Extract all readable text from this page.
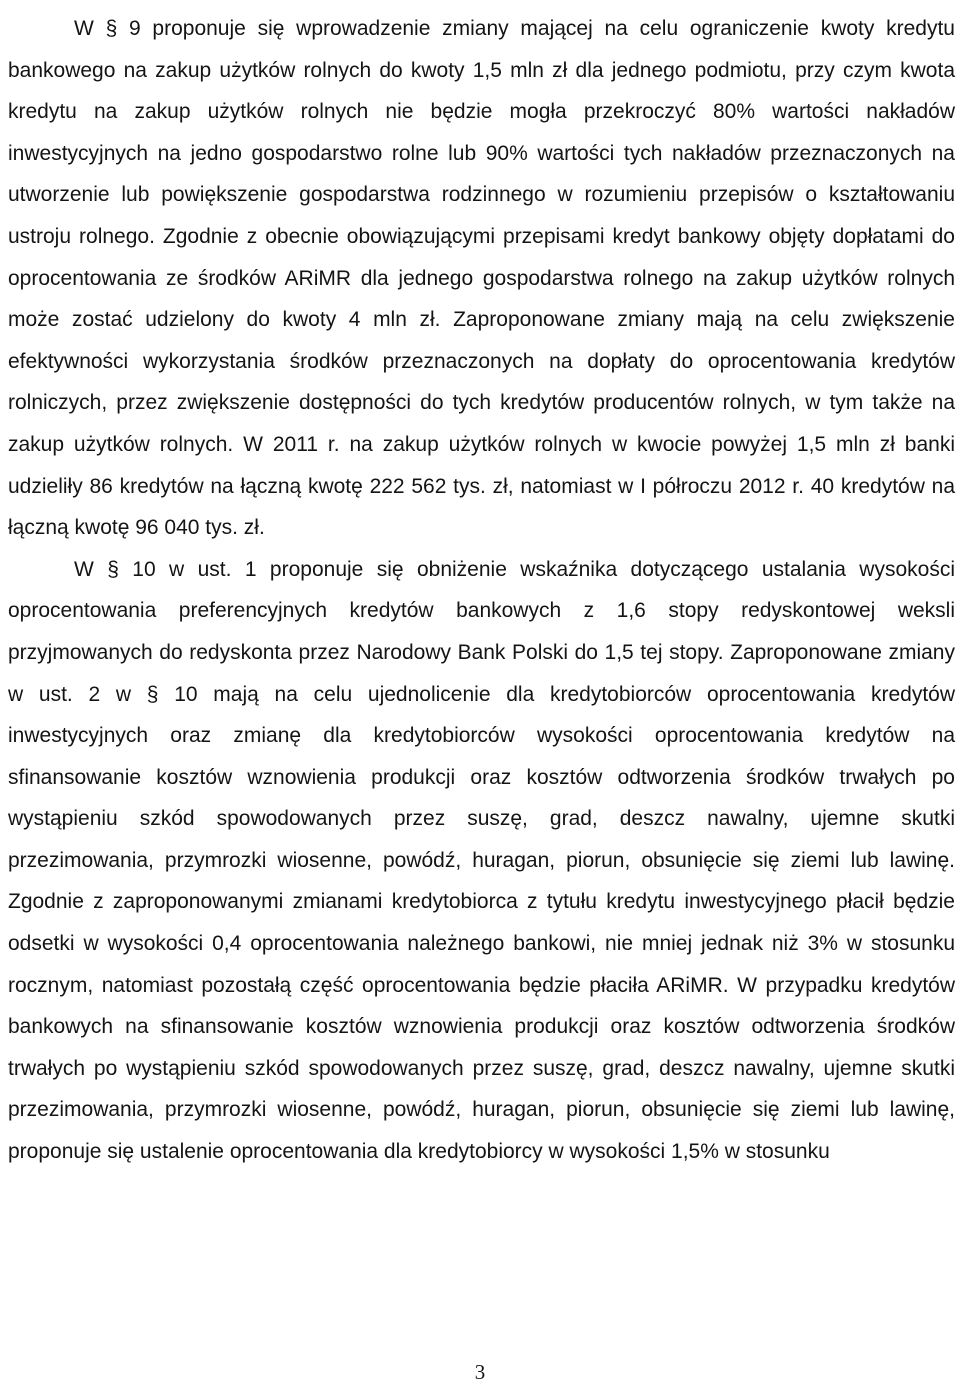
W § 9 proponuje się wprowadzenie zmiany mającej na celu ograniczenie kwoty kredytu bankowego na zakup użytków rolnych do kwoty 1,5 mln zł dla jednego podmiotu, przy czym kwota kredytu na zakup użytków rolnych nie będzie mogła przekroczyć 80% wartości nakładów inwestycyjnych na jedno gospodarstwo rolne lub 90% wartości tych nakładów przeznaczonych na utworzenie lub powiększenie gospodarstwa rodzinnego w rozumieniu przepisów o kształtowaniu ustroju rolnego. Zgodnie z obecnie obowiązującymi przepisami kredyt bankowy objęty dopłatami do oprocentowania ze środków ARiMR dla jednego gospodarstwa rolnego na zakup użytków rolnych może zostać udzielony do kwoty 4 mln zł. Zaproponowane zmiany mają na celu zwiększenie efektywności wykorzystania środków przeznaczonych na dopłaty do oprocentowania kredytów rolniczych, przez zwiększenie dostępności do tych kredytów producentów rolnych, w tym także na zakup użytków rolnych. W 2011 r. na zakup użytków rolnych w kwocie powyżej 1,5 mln zł banki udzieliły 86 kredytów na łączną kwotę 222 562 tys. zł, natomiast w I półroczu 2012 r. 40 kredytów na łączną kwotę 96 040 tys. zł.

W § 10 w ust. 1 proponuje się obniżenie wskaźnika dotyczącego ustalania wysokości oprocentowania preferencyjnych kredytów bankowych z 1,6 stopy redyskontowej weksli przyjmowanych do redyskonta przez Narodowy Bank Polski do 1,5 tej stopy. Zaproponowane zmiany w ust. 2 w § 10 mają na celu ujednolicenie dla kredytobiorców oprocentowania kredytów inwestycyjnych oraz zmianę dla kredytobiorców wysokości oprocentowania kredytów na sfinansowanie kosztów wznowienia produkcji oraz kosztów odtworzenia środków trwałych po wystąpieniu szkód spowodowanych przez suszę, grad, deszcz nawalny, ujemne skutki przezimowania, przymrozki wiosenne, powódź, huragan, piorun, obsunięcie się ziemi lub lawinę. Zgodnie z zaproponowanymi zmianami kredytobiorca z tytułu kredytu inwestycyjnego płacił będzie odsetki w wysokości 0,4 oprocentowania należnego bankowi, nie mniej jednak niż 3% w stosunku rocznym, natomiast pozostałą część oprocentowania będzie płaciła ARiMR. W przypadku kredytów bankowych na sfinansowanie kosztów wznowienia produkcji oraz kosztów odtworzenia środków trwałych po wystąpieniu szkód spowodowanych przez suszę, grad, deszcz nawalny, ujemne skutki przezimowania, przymrozki wiosenne, powódź, huragan, piorun, obsunięcie się ziemi lub lawinę, proponuje się ustalenie oprocentowania dla kredytobiorcy w wysokości 1,5% w stosunku

3
